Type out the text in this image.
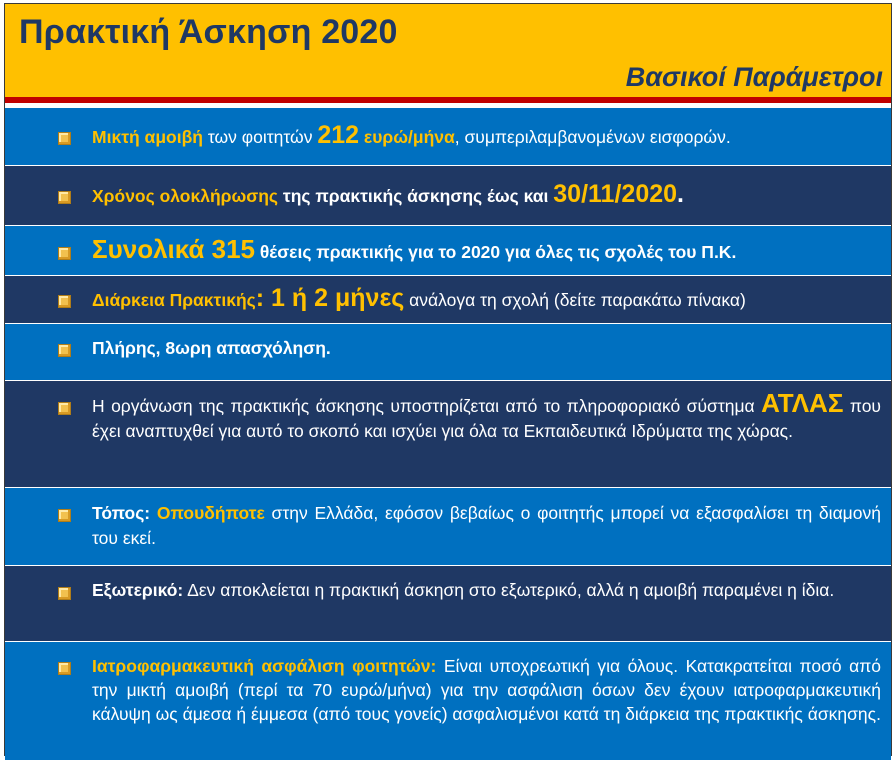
Πρακτική Άσκηση 2020
Βασικοί Παράμετροι
Μικτή αμοιβή των φοιτητών 212 ευρώ/μήνα, συμπεριλαμβανομένων εισφορών.
Χρόνος ολοκλήρωσης της πρακτικής άσκησης έως και 30/11/2020.
Συνολικά 315 θέσεις πρακτικής για το 2020 για όλες τις σχολές του Π.Κ.
Διάρκεια Πρακτικής: 1 ή 2 μήνες ανάλογα τη σχολή (δείτε παρακάτω πίνακα)
Πλήρης, 8ωρη απασχόληση.
Η οργάνωση της πρακτικής άσκησης υποστηρίζεται από το πληροφοριακό σύστημα ΑΤΛΑΣ που έχει αναπτυχθεί για αυτό το σκοπό και ισχύει για όλα τα Εκπαιδευτικά Ιδρύματα της χώρας.
Τόπος: Οπουδήποτε στην Ελλάδα, εφόσον βεβαίως ο φοιτητής μπορεί να εξασφαλίσει τη διαμονή του εκεί.
Εξωτερικό: Δεν αποκλείεται η πρακτική άσκηση στο εξωτερικό, αλλά η αμοιβή παραμένει η ίδια.
Ιατροφαρμακευτική ασφάλιση φοιτητών: Είναι υποχρεωτική για όλους. Κατακρατείται ποσό από την μικτή αμοιβή (περί τα 70 ευρώ/μήνα) για την ασφάλιση όσων δεν έχουν ιατροφαρμακευτική κάλυψη ως άμεσα ή έμμεσα (από τους γονείς) ασφαλισμένοι κατά τη διάρκεια της πρακτικής άσκησης.
